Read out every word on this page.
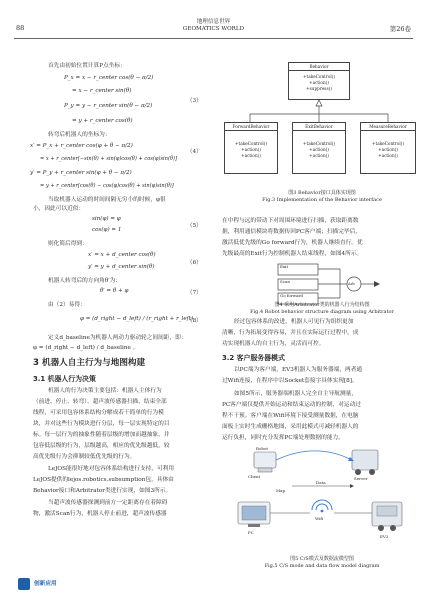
88
地理信息世界
GEOMATICS WORLD	第26卷
首先由初始位置计算P点坐标：
P_x = x − r_center cos(θ − π/2)
= x − r_center sin(θ)
P_y = y − r_center sin(θ − π/2)
= y + r_center cos(θ)
（3）
转弯后机器人的坐标为：
x′ = P_x + r_center cos(φ + θ − π/2)
（4）
= x + r_center[−sin(θ) + sin(φ)cos(θ) + cos(φ)sin(θ)]
y′ = P_y + r_center sin(φ + θ − π/2)
= y + r_center[cos(θ) − cos(φ)cos(θ) + sin(φ)sin(θ)]
当取机器人运动的时间间隔无穷小的时候，φ很
小，因此可以近似：
sin(φ) = φ
（5）
cos(φ) = 1
则化简后得到：
x′ = x + d_center cos(θ)
（6）
y′ = y + d_center sin(θ)
机器人转弯后的方向角θ′为：
θ′ = θ + φ	（7）
由（2）易得：
φ = (d_right − d_left) / (r_right + r_left)
（8）
定义d_baseline为机器人两动力驱动轮之间间距，即：
φ = (d_right − d_left) / d_baseline 。
3 机器人自主行为与地图构建
3.1 机器人行为决策
机器人的行为决策主要包括：机器人主体行为
（前进、停止、转弯）、超声波传感器扫描、结束全部
线程，可采用包容体系结构分解成若干简单的行为模
块，并对这些行为模块进行分层，每一层实现特定的目
标。每一层行为的抽象性随着层级的增加而越抽象，并
包容低层级的行为，层级越高，相应的优先级越低，较
高优先级行为会抑制较低优先级的行为。
LeJOS能很好地对包容体系结构进行支持，可利用
LeJOS提供的lejos.robotics.subsumption包，具体由
Behavior接口和Arbitrator类进行实现，如图3所示。
当超声波传感器探测到前方一定距离存在着障碍
物，激活Scan行为，机器人停止前进，超声波传感器
创新应用
Behavior
+takeControl()
+action()
+suppress()
ForwardBehavior
+takeControl()
+action()
+action()
ExitBehavior
+takeControl()
+action()
+action()
MeasureBehavior
+takeControl()
+action()
+action()
图3 Behavior接口具体实现图
Fig.3 Implementation of the Behavior interface
在中程与远的带动下对周围环境进行扫描，获取距离数
据，利用通信模块将数据传回PC客户端；扫描完毕后，
激活低优先级的Go forward行为，机器人继续直行。优
先级最高的Exit行为控制机器人结束线程，如图4所示。
Exit
Scan
Go forward
Arb
图4 采用Arbitrator类的机器人行为结构图
Fig.4 Robot behavior structure diagram using Arbitrator
经过包容体系的改进，机器人可见行为组织更加
清晰，行为拓展变得容易，并且在实际运行过程中，成
功实现机器人的自主行为，灵活而可控。
3.2 客户服务器模式
以PC端为客户端，EV3机器人为服务器端，两者通
过Wifi连接，在程序中以Socket套接字具体实现[8]。
如图5所示，服务器端机器人完全自主导航测量，
PC客户端仅提供开始运动和结束运动的控制，对运动过
程不干预。客户端在Wifi环境下接受测量数据，在电脑
面板上实时生成栅格地图，采用此模式可减轻机器人的
运行负担，同时充分发挥PC端处理数据的能力。
Client	Server
PC
Wifi
EV3
Data
Map
Robot
图5 C/S模式及数据流模型图
Fig.5 C/S mode and data flow model diagram
